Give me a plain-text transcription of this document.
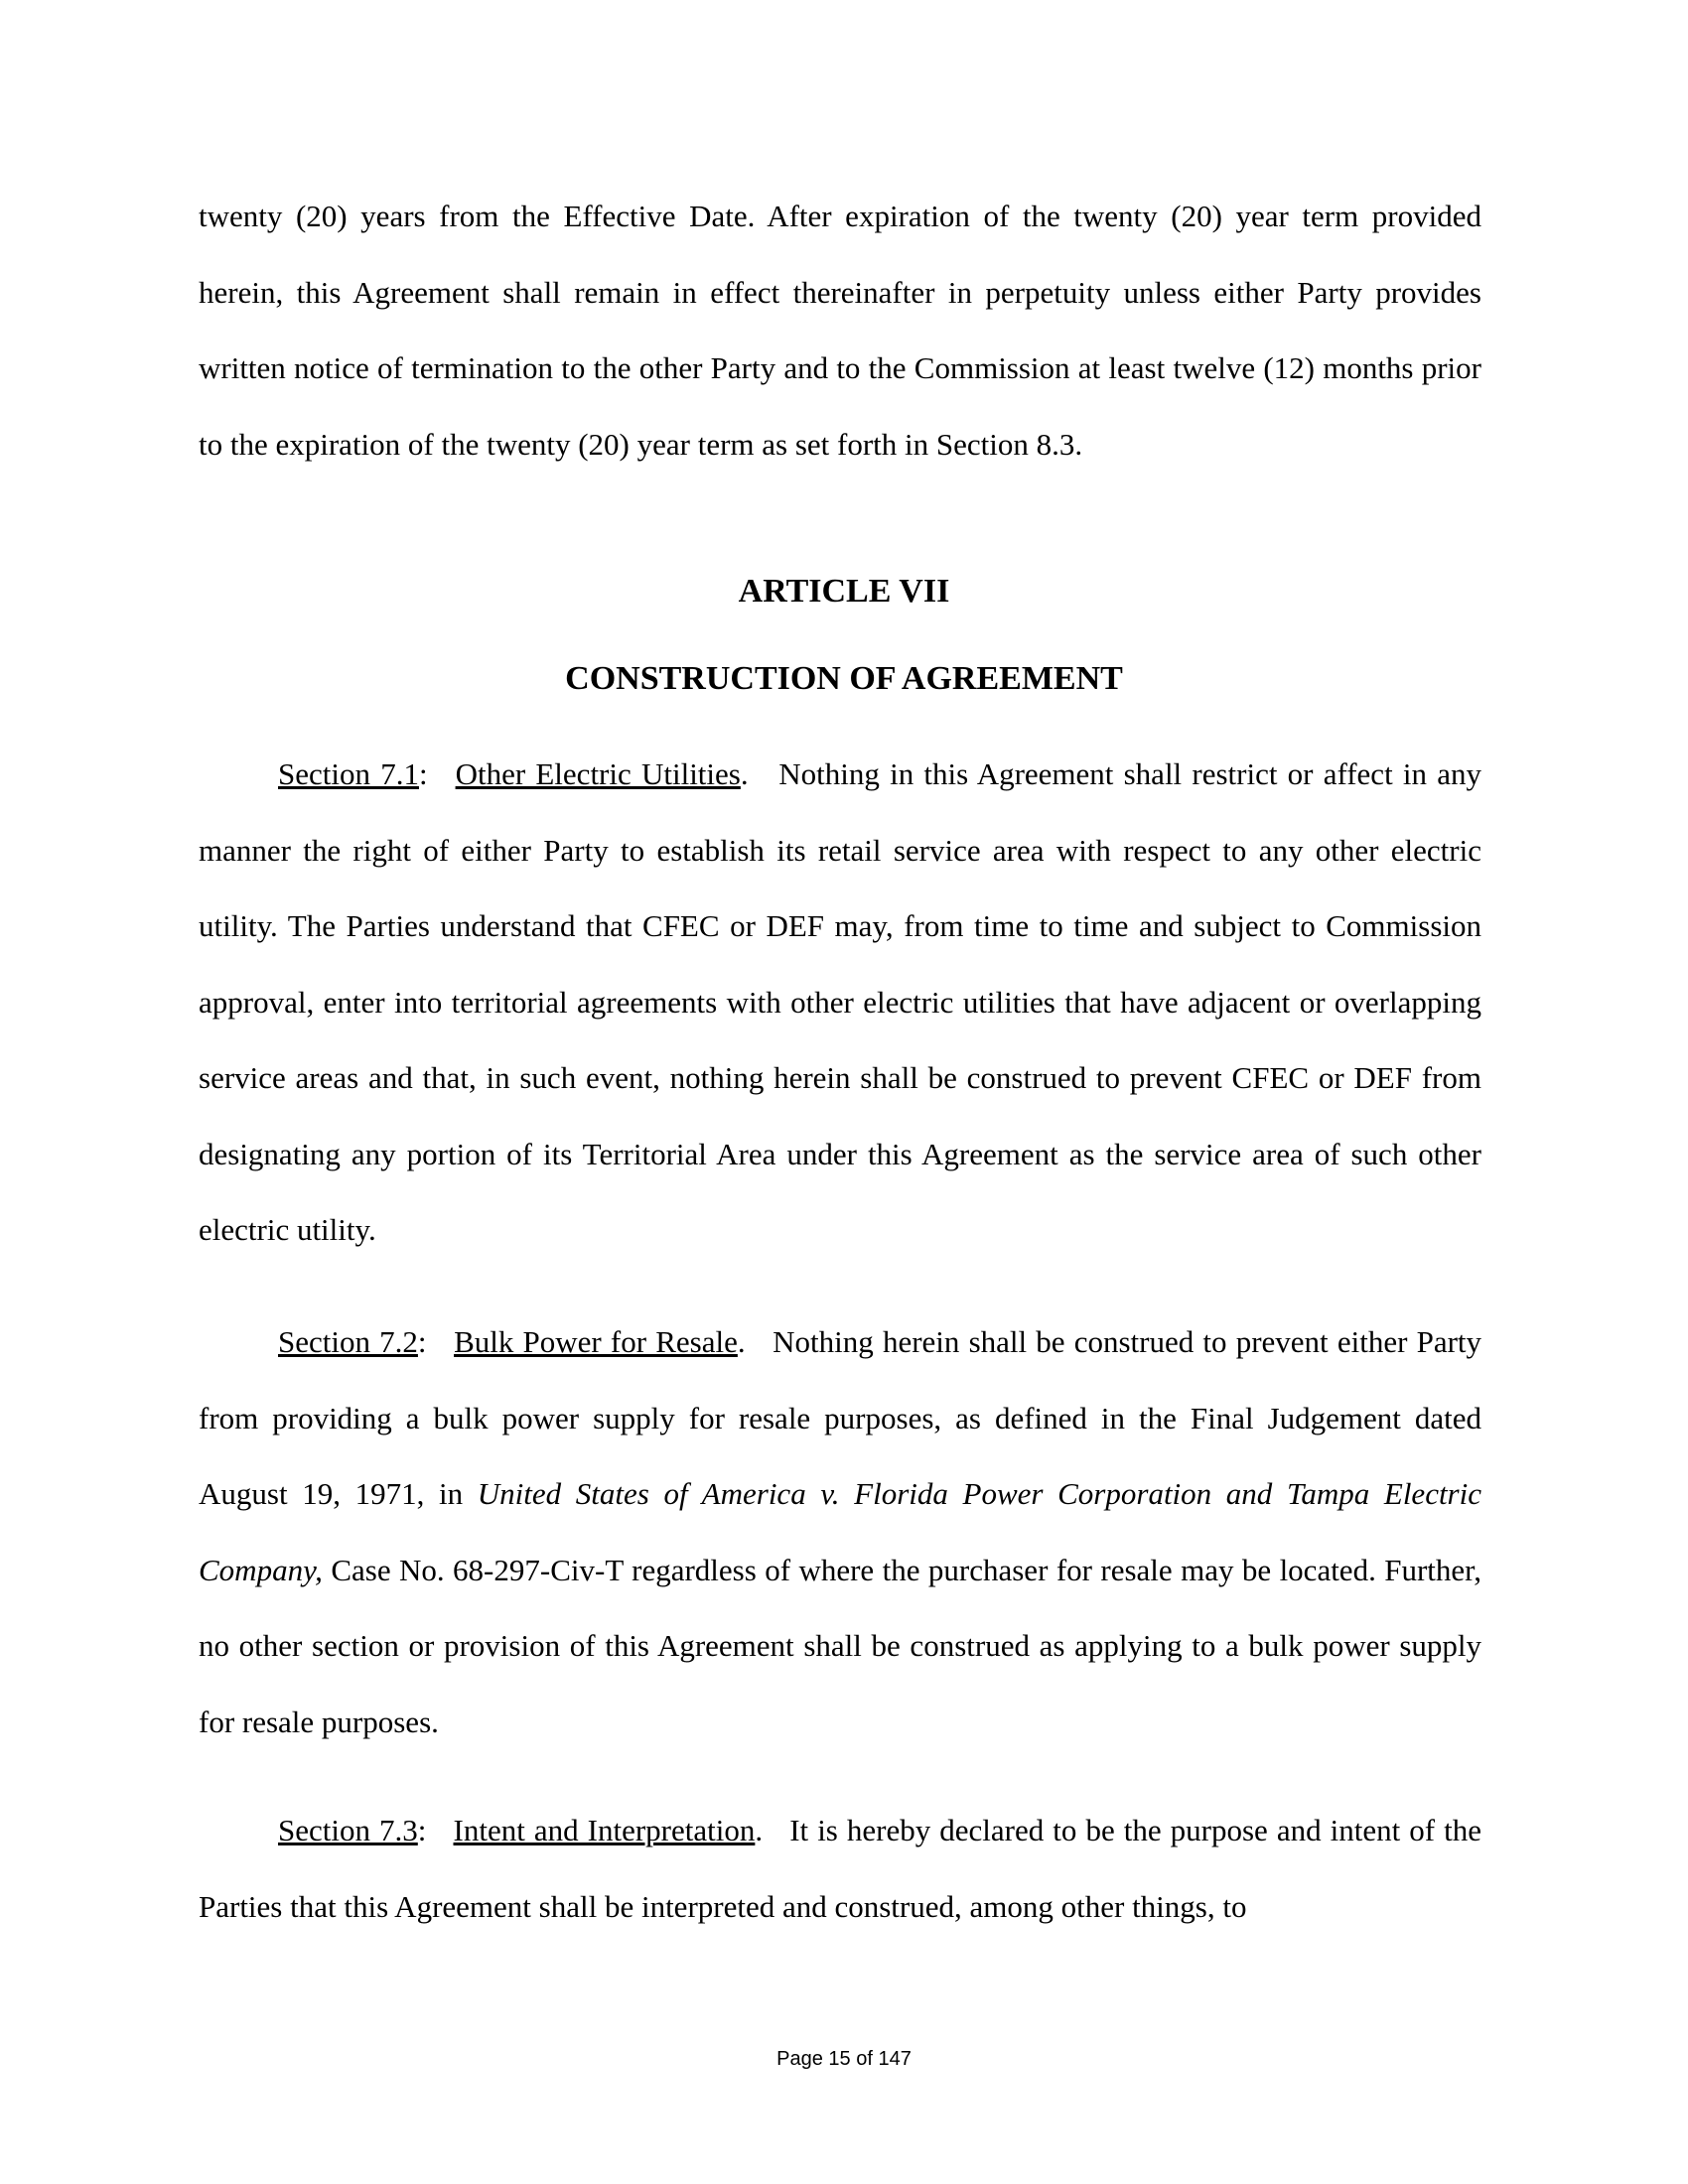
twenty (20) years from the Effective Date. After expiration of the twenty (20) year term provided herein, this Agreement shall remain in effect thereinafter in perpetuity unless either Party provides written notice of termination to the other Party and to the Commission at least twelve (12) months prior to the expiration of the twenty (20) year term as set forth in Section 8.3.

ARTICLE VII
CONSTRUCTION OF AGREEMENT

Section 7.1: Other Electric Utilities.   Nothing in this Agreement shall restrict or affect in any manner the right of either Party to establish its retail service area with respect to any other electric utility. The Parties understand that CFEC or DEF may, from time to time and subject to Commission approval, enter into territorial agreements with other electric utilities that have adjacent or overlapping service areas and that, in such event, nothing herein shall be construed to prevent CFEC or DEF from designating any portion of its Territorial Area under this Agreement as the service area of such other electric utility.

Section 7.2:   Bulk Power for Resale.   Nothing herein shall be construed to prevent either Party from providing a bulk power supply for resale purposes, as defined in the Final Judgement dated August 19, 1971, in United States of America v. Florida Power Corporation and Tampa Electric Company, Case No. 68-297-Civ-T regardless of where the purchaser for resale may be located. Further, no other section or provision of this Agreement shall be construed as applying to a bulk power supply for resale purposes.

Section 7.3:   Intent and Interpretation.   It is hereby declared to be the purpose and intent of the Parties that this Agreement shall be interpreted and construed, among other things, to

Page 15 of 147
